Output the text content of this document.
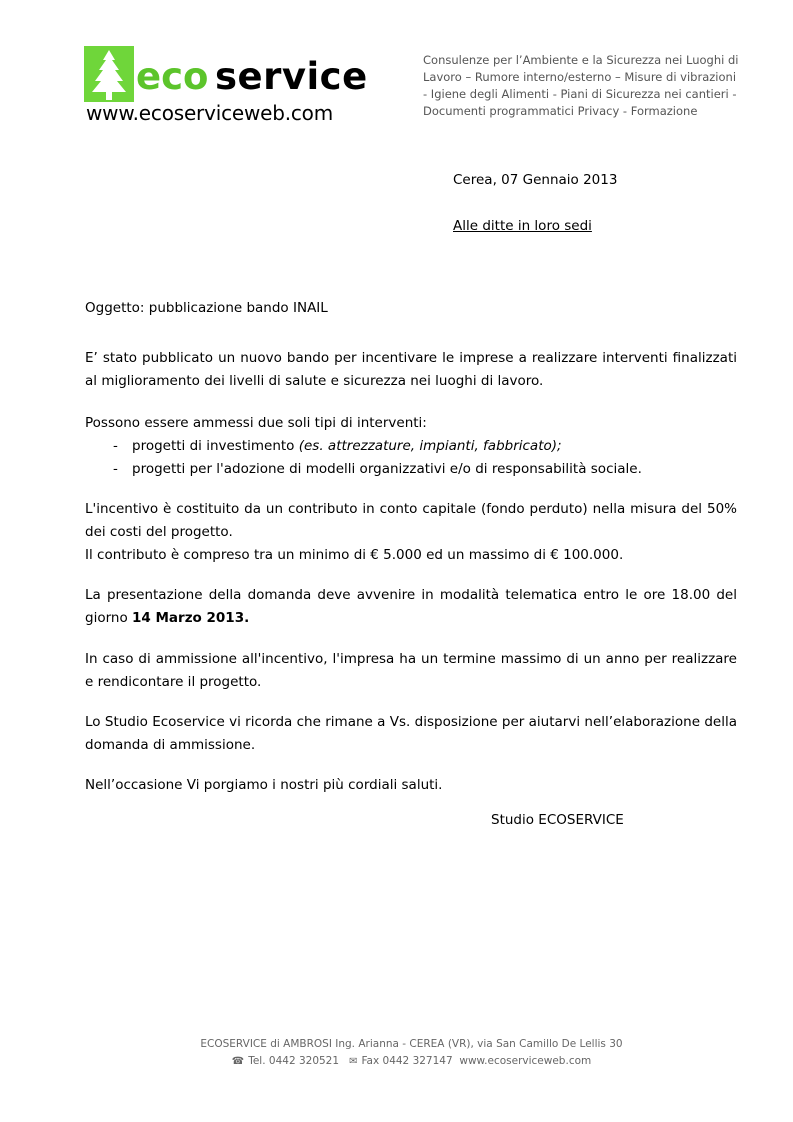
eco service
www.ecoserviceweb.com
Consulenze per l’Ambiente e la Sicurezza nei Luoghi di Lavoro – Rumore interno/esterno – Misure di vibrazioni - Igiene degli Alimenti - Piani di Sicurezza nei cantieri - Documenti programmatici Privacy - Formazione
Cerea, 07 Gennaio 2013
Alle ditte in loro sedi
Oggetto: pubblicazione bando INAIL
E’ stato pubblicato un nuovo bando per incentivare le imprese a realizzare interventi finalizzati al miglioramento dei livelli di salute e sicurezza nei luoghi di lavoro.
Possono essere ammessi due soli tipi di interventi:
- progetti di investimento (es. attrezzature, impianti, fabbricato);
- progetti per l'adozione di modelli organizzativi e/o di responsabilità sociale.
L'incentivo è costituito da un contributo in conto capitale (fondo perduto) nella misura del 50% dei costi del progetto.
Il contributo è compreso tra un minimo di € 5.000 ed un massimo di € 100.000.
La presentazione della domanda deve avvenire in modalità telematica entro le ore 18.00 del giorno 14 Marzo 2013.
In caso di ammissione all'incentivo, l'impresa ha un termine massimo di un anno per realizzare e rendicontare il progetto.
Lo Studio Ecoservice vi ricorda che rimane a Vs. disposizione per aiutarvi nell’elaborazione della domanda di ammissione.
Nell’occasione Vi porgiamo i nostri più cordiali saluti.
Studio ECOSERVICE
ECOSERVICE di AMBROSI Ing. Arianna - CEREA (VR), via San Camillo De Lellis 30
☎ Tel. 0442 320521 ✉ Fax 0442 327147 www.ecoserviceweb.com
